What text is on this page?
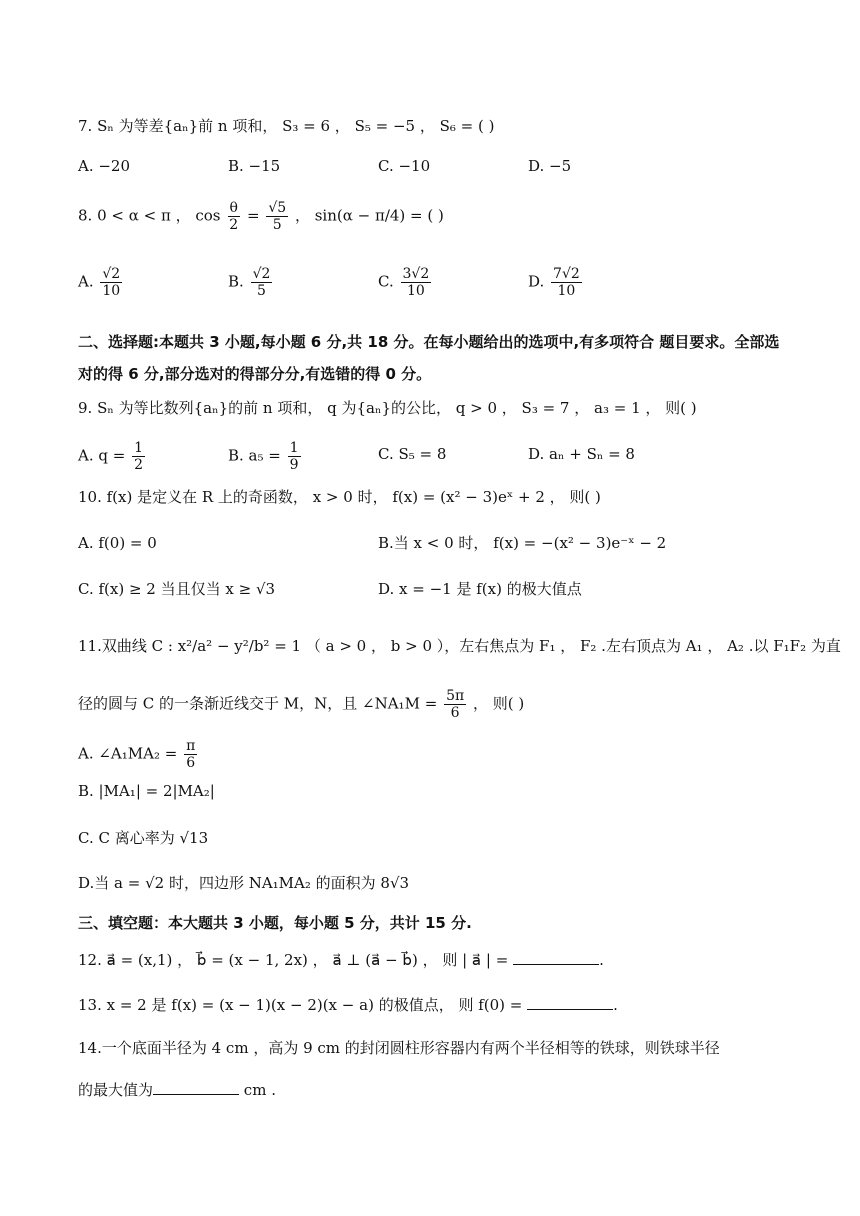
7. Sₙ 为等差{aₙ}前 n 项和， S₃ = 6 ， S₅ = −5 ， S₆ = ( )
A. −20	B. −15	C. −10	D. −5
8. 0 < α < π ， $\cos \frac{\theta}{2} = \frac{√5}{5}$ ， sin(α − π/4) = ( )
A. $\frac{√2}{10}$	B. $\frac{√2}{5}$	C. $\frac{3√2}{10}$	D. $\frac{7√2}{10}$
二、选择题:本题共 3 小题,每小题 6 分,共 18 分。在每小题给出的选项中,有多项符合 题目要求。全部选对的得 6 分,部分选对的得部分分,有选错的得 0 分。
9. Sₙ 为等比数列{aₙ}的前 n 项和， q 为{aₙ}的公比， q > 0 ， S₃ = 7 ， a₃ = 1 ， 则( )
A. $q = \frac{1}{2}$	B. $a_5 = \frac{1}{9}$	C. S₅ = 8	D. aₙ + Sₙ = 8
10. f(x) 是定义在 R 上的奇函数， x > 0 时， f(x) = (x² − 3)eˣ + 2 ， 则( )
A. f(0) = 0	B.当 x < 0 时， f(x) = −(x² − 3)e⁻ˣ − 2
C. f(x) ≥ 2 当且仅当 x ≥ √3	D. x = −1 是 f(x) 的极大值点
11.双曲线 C : x²/a² − y²/b² = 1 （ a > 0 ， b > 0 ），左右焦点为 F₁ ， F₂ .左右顶点为 A₁ ， A₂ .以 F₁F₂ 为直
径的圆与 C 的一条渐近线交于 M，N，且 ∠NA₁M = $\frac{5\pi}{6}$ ， 则( )
A. ∠A₁MA₂ = $\frac{\pi}{6}$
B. |MA₁| = 2|MA₂|
C. C 离心率为 √13
D.当 a = √2 时，四边形 NA₁MA₂ 的面积为 8√3
三、填空题：本大题共 3 小题，每小题 5 分，共计 15 分.
12. a⃗ = (x,1) ， b⃗ = (x − 1, 2x) ， a⃗ ⊥ (a⃗ − b⃗) ， 则 | a⃗ | =	.
13. x = 2 是 f(x) = (x − 1)(x − 2)(x − a) 的极值点， 则 f(0) =	.
14.一个底面半径为 4 cm ，高为 9 cm 的封闭圆柱形容器内有两个半径相等的铁球，则铁球半径
的最大值为	cm .
